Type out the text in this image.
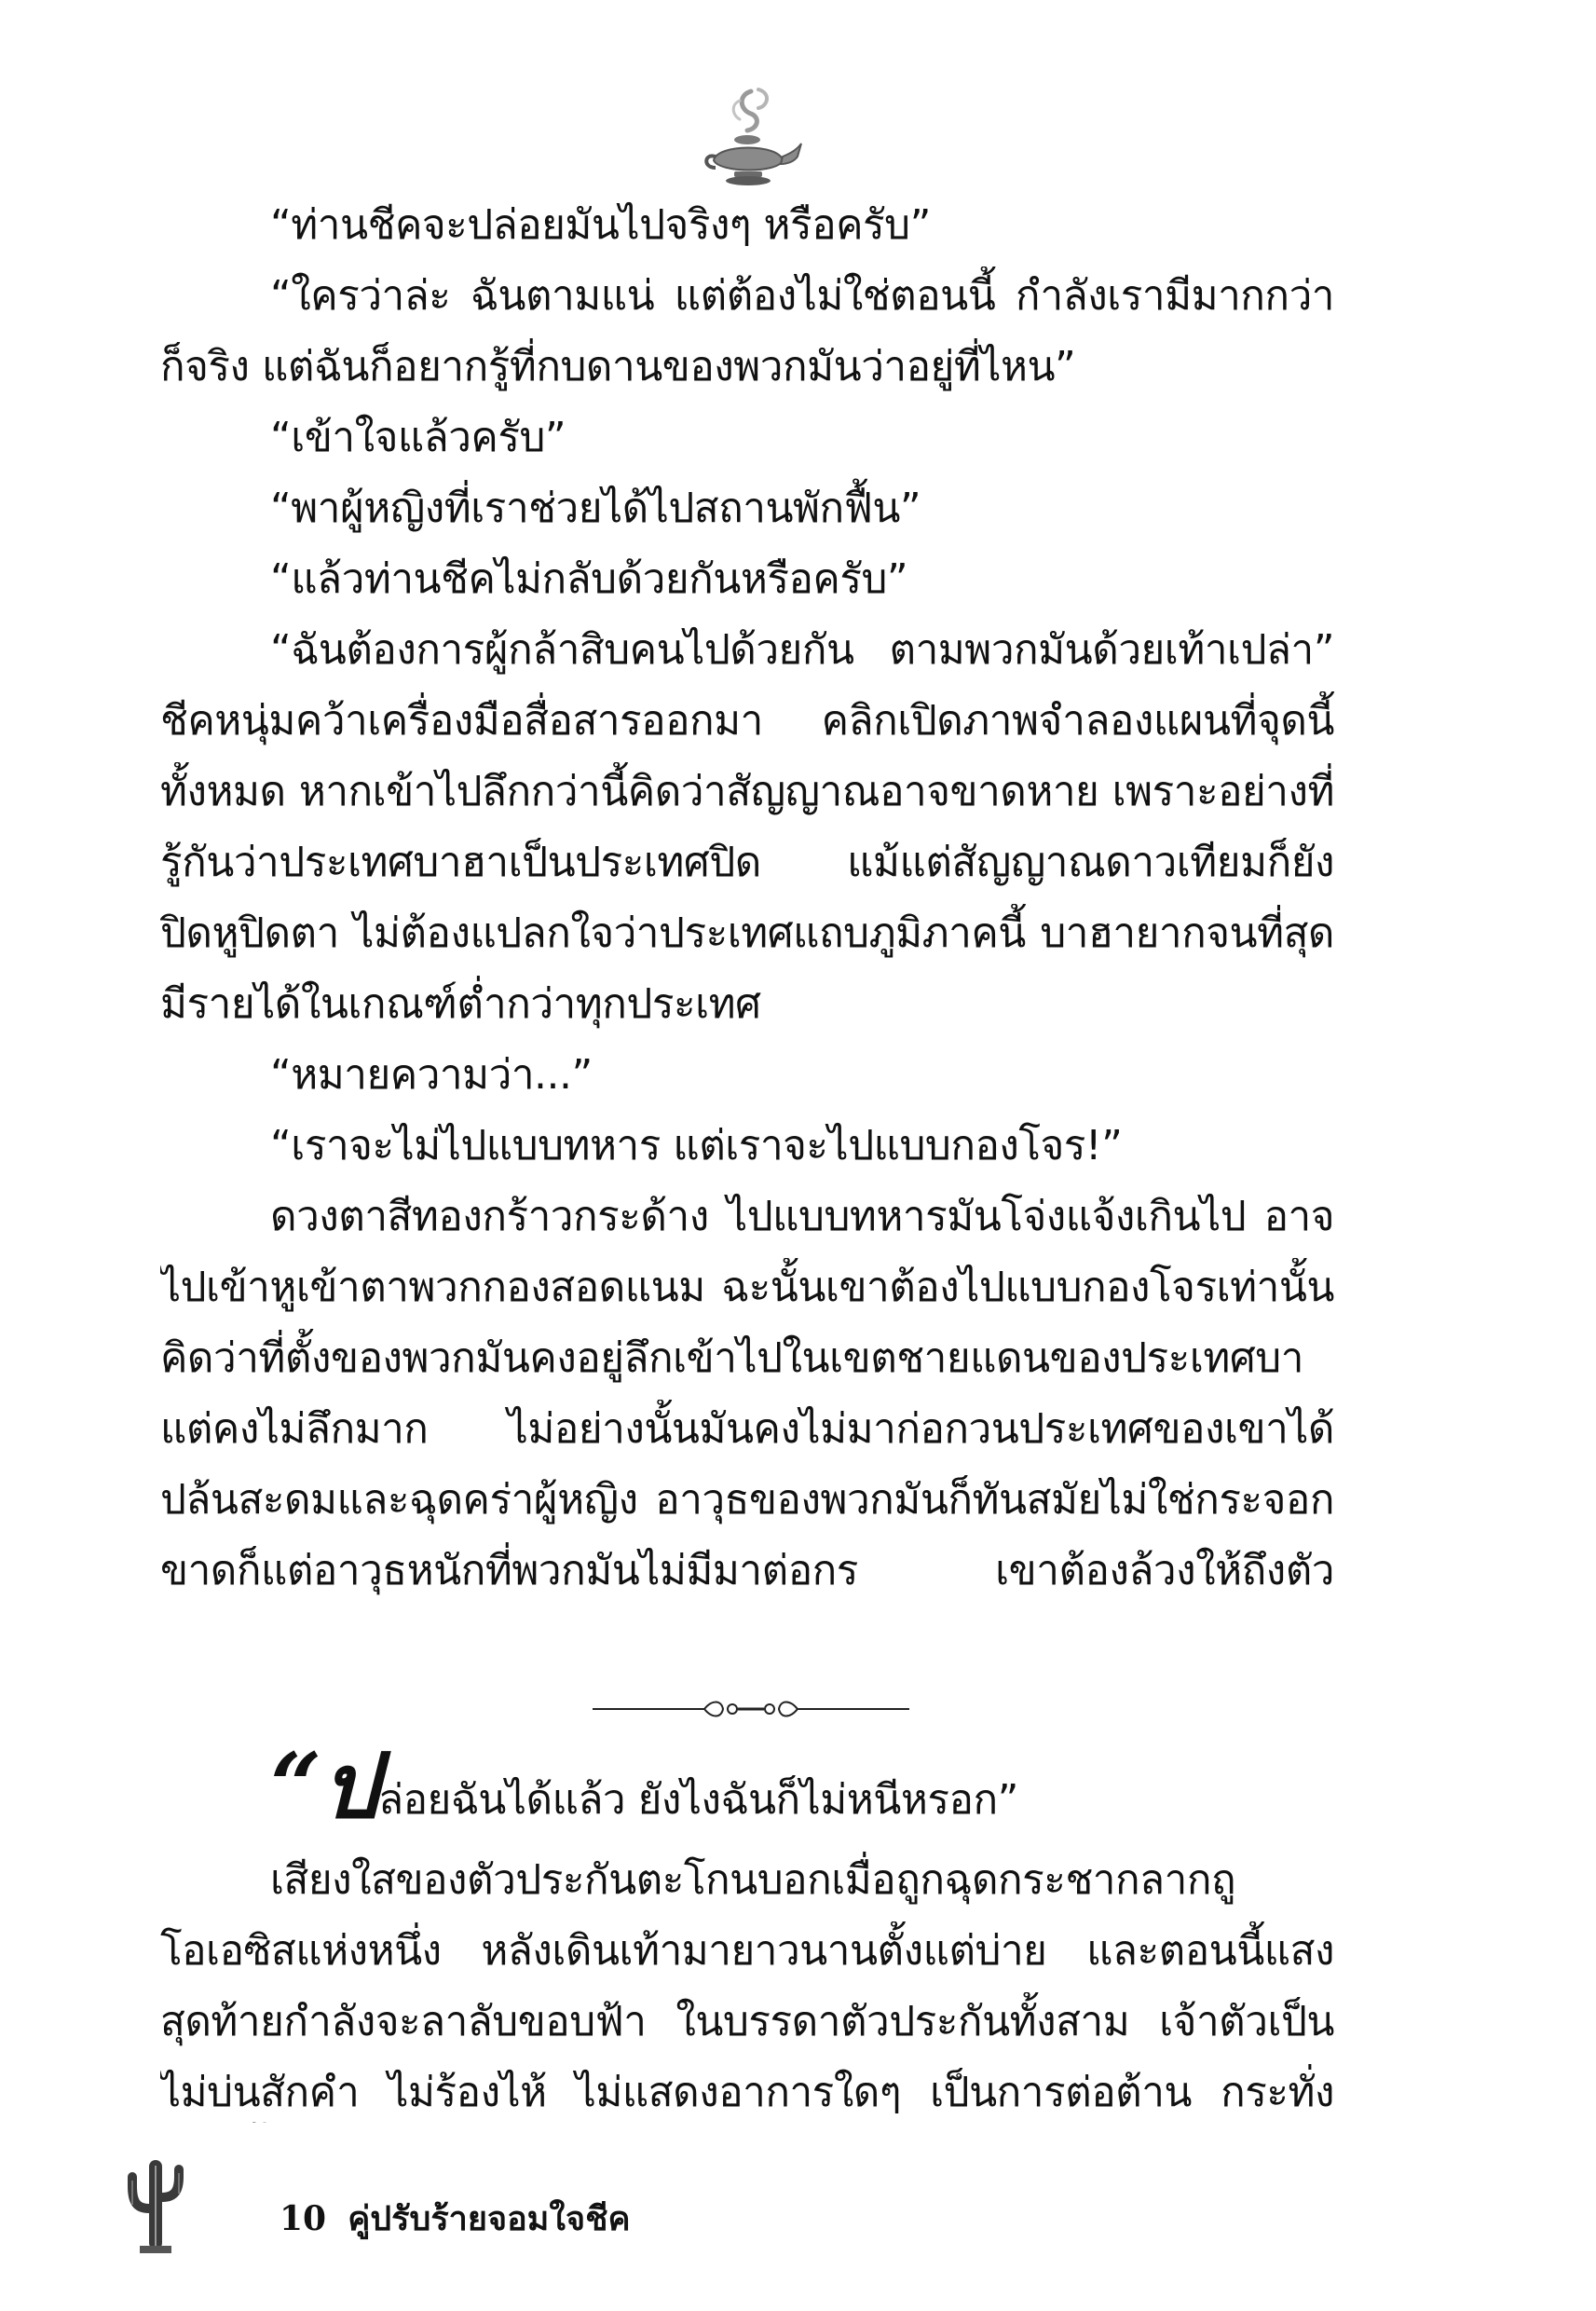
“ท่านชีคจะปล่อยมันไปจริงๆ หรือครับ”
“ใครว่าล่ะ ฉันตามแน่ แต่ต้องไม่ใช่ตอนนี้ กำลังเรามีมากกว่า
ก็จริง แต่ฉันก็อยากรู้ที่กบดานของพวกมันว่าอยู่ที่ไหน”
“เข้าใจแล้วครับ”
“พาผู้หญิงที่เราช่วยได้ไปสถานพักฟื้น”
“แล้วท่านชีคไม่กลับด้วยกันหรือครับ”
“ฉันต้องการผู้กล้าสิบคนไปด้วยกัน ตามพวกมันด้วยเท้าเปล่า”
ชีคหนุ่มคว้าเครื่องมือสื่อสารออกมา คลิกเปิดภาพจำลองแผนที่จุดนี้
ทั้งหมด หากเข้าไปลึกกว่านี้คิดว่าสัญญาณอาจขาดหาย เพราะอย่างที่
รู้กันว่าประเทศบาฮาเป็นประเทศปิด แม้แต่สัญญาณดาวเทียมก็ยัง
ปิดหูปิดตา ไม่ต้องแปลกใจว่าประเทศแถบภูมิภาคนี้ บาฮายากจนที่สุด
มีรายได้ในเกณฑ์ต่ำกว่าทุกประเทศ
“หมายความว่า...”
“เราจะไม่ไปแบบทหาร แต่เราจะไปแบบกองโจร!”
ดวงตาสีทองกร้าวกระด้าง ไปแบบทหารมันโจ่งแจ้งเกินไป อาจ
ไปเข้าหูเข้าตาพวกกองสอดแนม ฉะนั้นเขาต้องไปแบบกองโจรเท่านั้น
คิดว่าที่ตั้งของพวกมันคงอยู่ลึกเข้าไปในเขตชายแดนของประเทศบา
แต่คงไม่ลึกมาก ไม่อย่างนั้นมันคงไม่มาก่อกวนประเทศของเขาได้
ปล้นสะดมและฉุดคร่าผู้หญิง อาวุธของพวกมันก็ทันสมัยไม่ใช่กระจอก
ขาดก็แต่อาวุธหนักที่พวกมันไม่มีมาต่อกร เขาต้องล้วงให้ถึงตัว
“ปล่อยฉันได้แล้ว ยังไงฉันก็ไม่หนีหรอก”
เสียงใสของตัวประกันตะโกนบอกเมื่อถูกฉุดกระชากลากถู
โอเอซิสแห่งหนึ่ง หลังเดินเท้ามายาวนานตั้งแต่บ่าย และตอนนี้แสง
สุดท้ายกำลังจะลาลับขอบฟ้า ในบรรดาตัวประกันทั้งสาม เจ้าตัวเป็น
ไม่บ่นสักคำ ไม่ร้องไห้ ไม่แสดงอาการใดๆ เป็นการต่อต้าน กระทั่ง
10 คู่ปรับร้ายจอมใจชีค
